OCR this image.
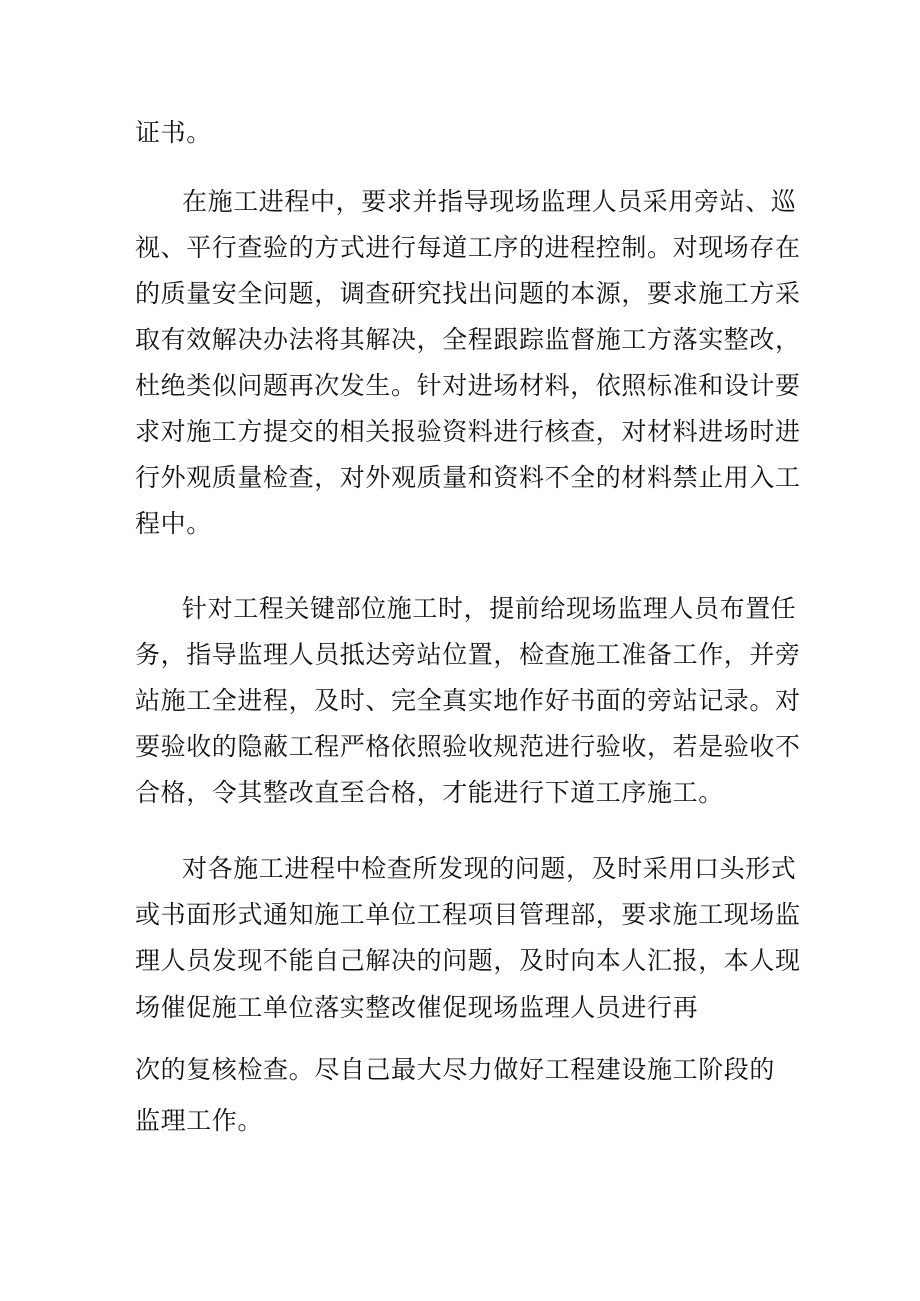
证书。
在施工进程中，要求并指导现场监理人员采用旁站、巡
视、平行查验的方式进行每道工序的进程控制。对现场存在
的质量安全问题，调查研究找出问题的本源，要求施工方采
取有效解决办法将其解决，全程跟踪监督施工方落实整改，
杜绝类似问题再次发生。针对进场材料，依照标准和设计要
求对施工方提交的相关报验资料进行核查，对材料进场时进
行外观质量检查，对外观质量和资料不全的材料禁止用入工
程中。
针对工程关键部位施工时，提前给现场监理人员布置任
务，指导监理人员抵达旁站位置，检查施工准备工作，并旁
站施工全进程，及时、完全真实地作好书面的旁站记录。对
要验收的隐蔽工程严格依照验收规范进行验收，若是验收不
合格，令其整改直至合格，才能进行下道工序施工。
对各施工进程中检查所发现的问题，及时采用口头形式
或书面形式通知施工单位工程项目管理部，要求施工现场监
理人员发现不能自己解决的问题，及时向本人汇报，本人现
场催促施工单位落实整改催促现场监理人员进行再
次的复核检查。尽自己最大尽力做好工程建设施工阶段的
监理工作。
